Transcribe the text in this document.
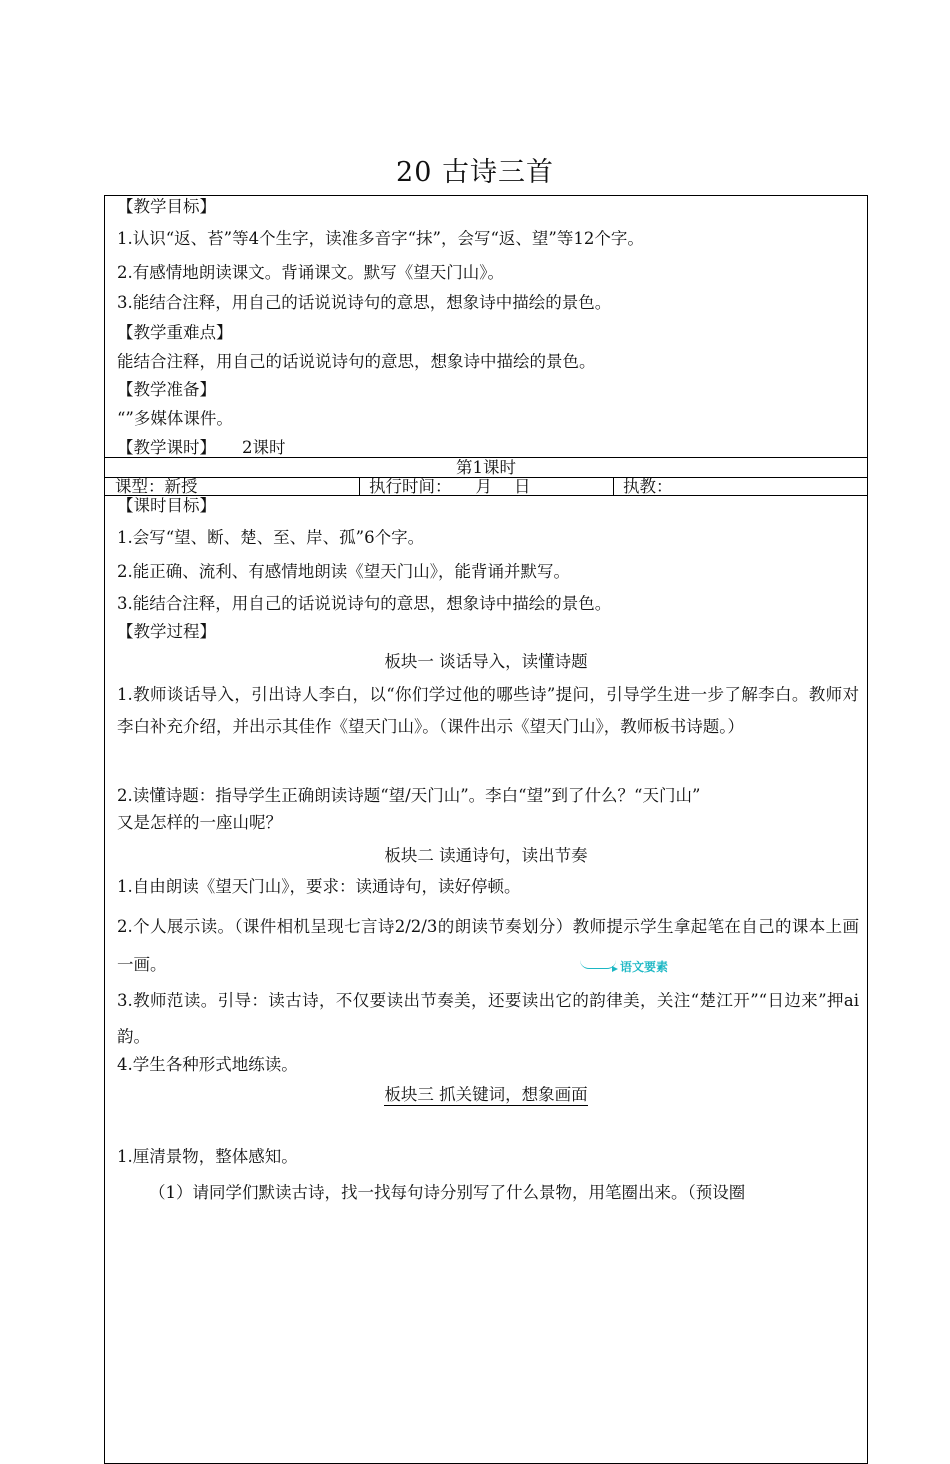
20 古诗三首
【教学目标】
1.认识“返、苔”等4个生字，读准多音字“抹”，会写“返、望”等12个字。
2.有感情地朗读课文。背诵课文。默写《望天门山》。
3.能结合注释，用自己的话说说诗句的意思，想象诗中描绘的景色。
【教学重难点】
能结合注释，用自己的话说说诗句的意思，想象诗中描绘的景色。
【教学准备】
“”多媒体课件。
【教学课时】 2课时
第1课时
课型：新授	执行时间： 月 日	执教：
【课时目标】
1.会写“望、断、楚、至、岸、孤”6个字。
2.能正确、流利、有感情地朗读《望天门山》，能背诵并默写。
3.能结合注释，用自己的话说说诗句的意思，想象诗中描绘的景色。
【教学过程】
板块一 谈话导入，读懂诗题
1.教师谈话导入，引出诗人李白，以“你们学过他的哪些诗”提问，引导学生进一步了解李白。教师对李白补充介绍，并出示其佳作《望天门山》。（课件出示《望天门山》，教师板书诗题。）
2.读懂诗题：指导学生正确朗读诗题“望/天门山”。李白“望”到了什么？“天门山”
又是怎样的一座山呢？
板块二 读通诗句，读出节奏
1.自由朗读《望天门山》，要求：读通诗句，读好停顿。
2.个人展示读。（课件相机呈现七言诗2/2/3的朗读节奏划分）教师提示学生拿起笔在自己的课本上画一画。
3.教师范读。引导：读古诗，不仅要读出节奏美，还要读出它的韵律美，关注“楚江开”“日边来”押ai韵。
4.学生各种形式地练读。
板块三 抓关键词，想象画面
1.厘清景物，整体感知。
（1）请同学们默读古诗，找一找每句诗分别写了什么景物，用笔圈出来。（预设圈
语文要素
